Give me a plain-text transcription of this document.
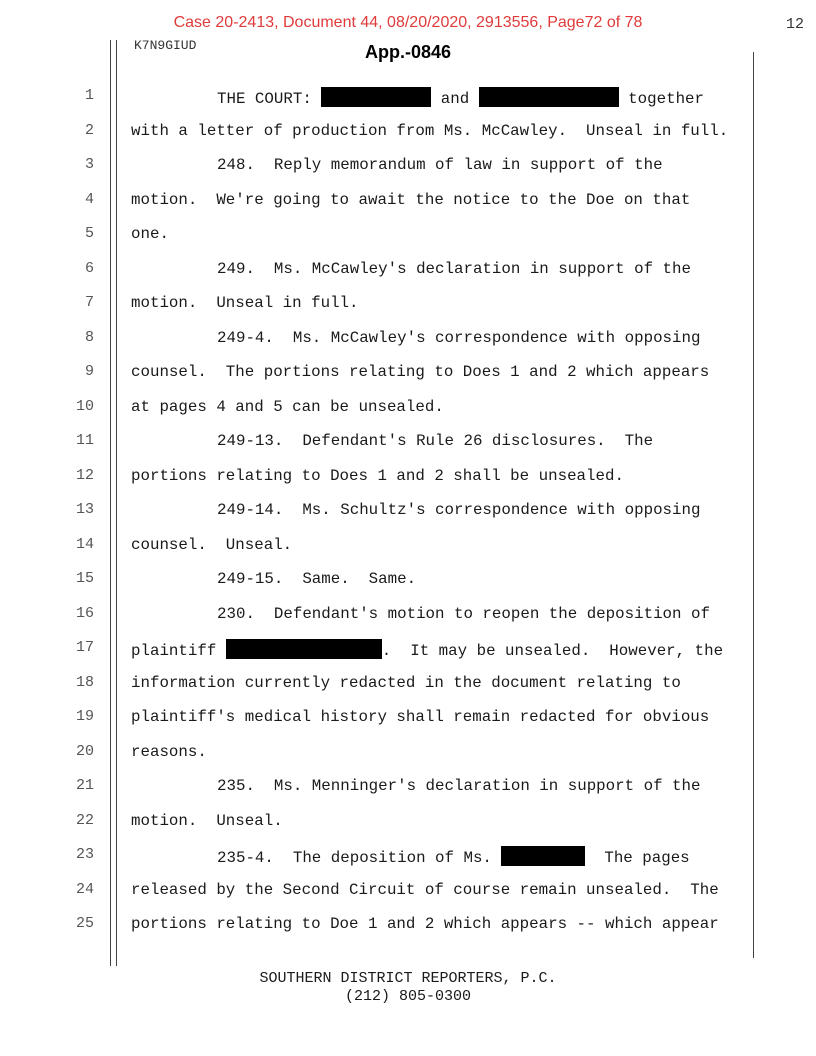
Case 20-2413, Document 44, 08/20/2020, 2913556, Page72 of 78	12
K7N9GIUD	App.-0846
1	THE COURT:	and	together
2 with a letter of production from Ms. McCawley.  Unseal in full.
3	248.  Reply memorandum of law in support of the
4 motion.  We're going to await the notice to the Doe on that
5 one.
6	249.  Ms. McCawley's declaration in support of the
7 motion.  Unseal in full.
8	249-4.  Ms. McCawley's correspondence with opposing
9 counsel.  The portions relating to Does 1 and 2 which appears
10 at pages 4 and 5 can be unsealed.
11	249-13.  Defendant's Rule 26 disclosures.  The
12 portions relating to Does 1 and 2 shall be unsealed.
13	249-14.  Ms. Schultz's correspondence with opposing
14 counsel.  Unseal.
15	249-15.  Same.  Same.
16	230.  Defendant's motion to reopen the deposition of
17 plaintiff	.  It may be unsealed.  However, the
18 information currently redacted in the document relating to
19 plaintiff's medical history shall remain redacted for obvious
20 reasons.
21	235.  Ms. Menninger's declaration in support of the
22 motion.  Unseal.
23	235-4.  The deposition of Ms.	The pages
24 released by the Second Circuit of course remain unsealed.  The
25 portions relating to Doe 1 and 2 which appears -- which appear
SOUTHERN DISTRICT REPORTERS, P.C.
(212) 805-0300
